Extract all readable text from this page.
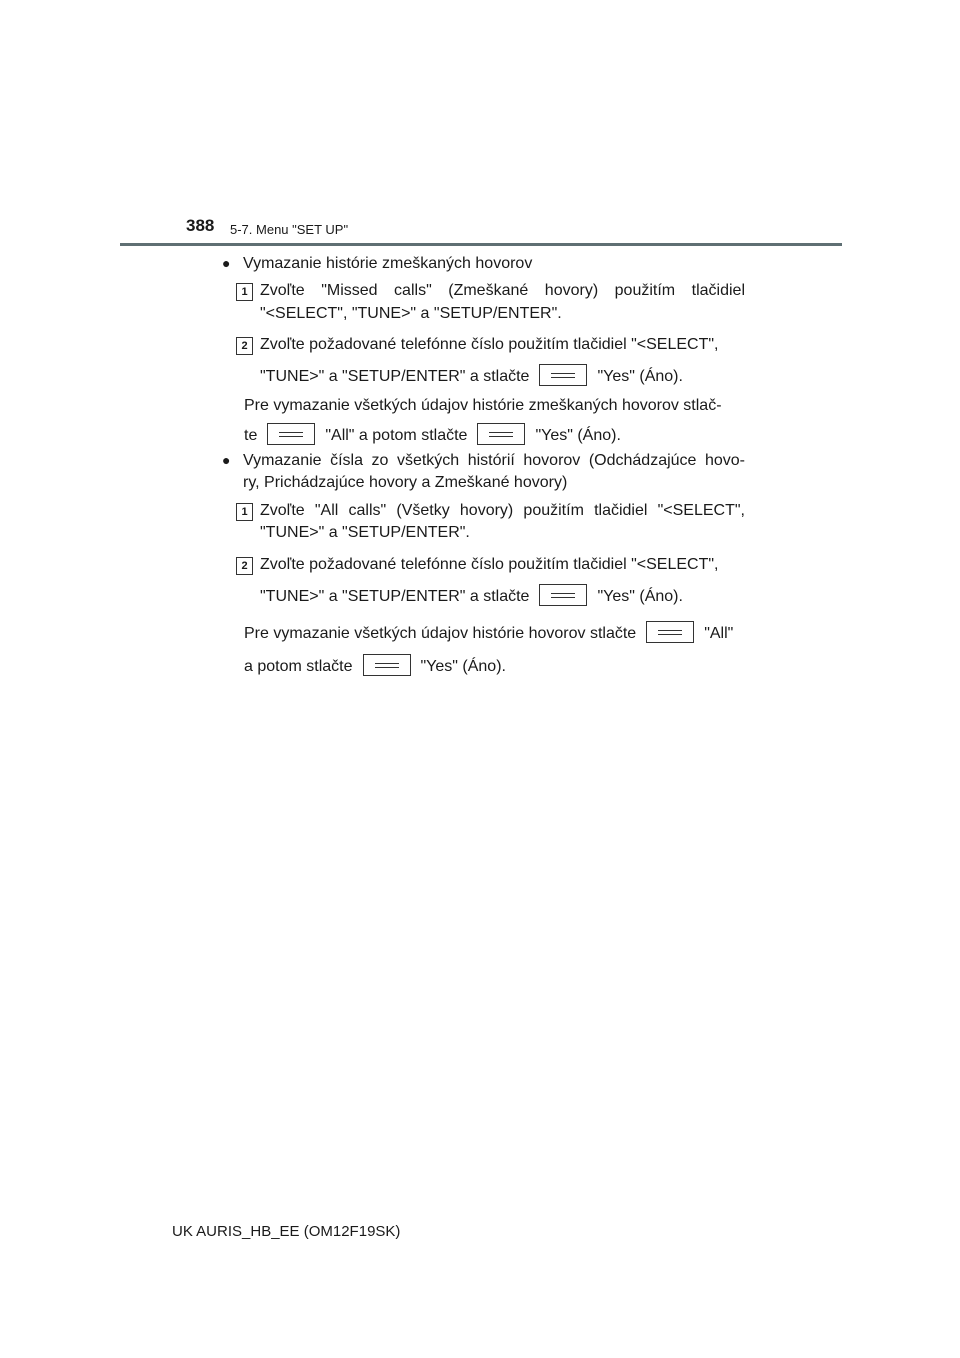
388 5-7. Menu "SET UP"
● Vymazanie histórie zmeškaných hovorov
1 Zvoľte "Missed calls" (Zmeškané hovory) použitím tlačidiel
"<SELECT", "TUNE>" a "SETUP/ENTER".
2 Zvoľte požadované telefónne číslo použitím tlačidiel "<SELECT",
"TUNE>" a "SETUP/ENTER" a stlačte	"Yes" (Áno).
Pre vymazanie všetkých údajov histórie zmeškaných hovorov stlač-
te	"All" a potom stlačte	"Yes" (Áno).
● Vymazanie čísla zo všetkých histórií hovorov (Odchádzajúce hovo-
ry, Prichádzajúce hovory a Zmeškané hovory)
1 Zvoľte "All calls" (Všetky hovory) použitím tlačidiel "<SELECT",
"TUNE>" a "SETUP/ENTER".
2 Zvoľte požadované telefónne číslo použitím tlačidiel "<SELECT",
"TUNE>" a "SETUP/ENTER" a stlačte	"Yes" (Áno).
Pre vymazanie všetkých údajov histórie hovorov stlačte	"All"
a potom stlačte	"Yes" (Áno).
UK AURIS_HB_EE (OM12F19SK)
